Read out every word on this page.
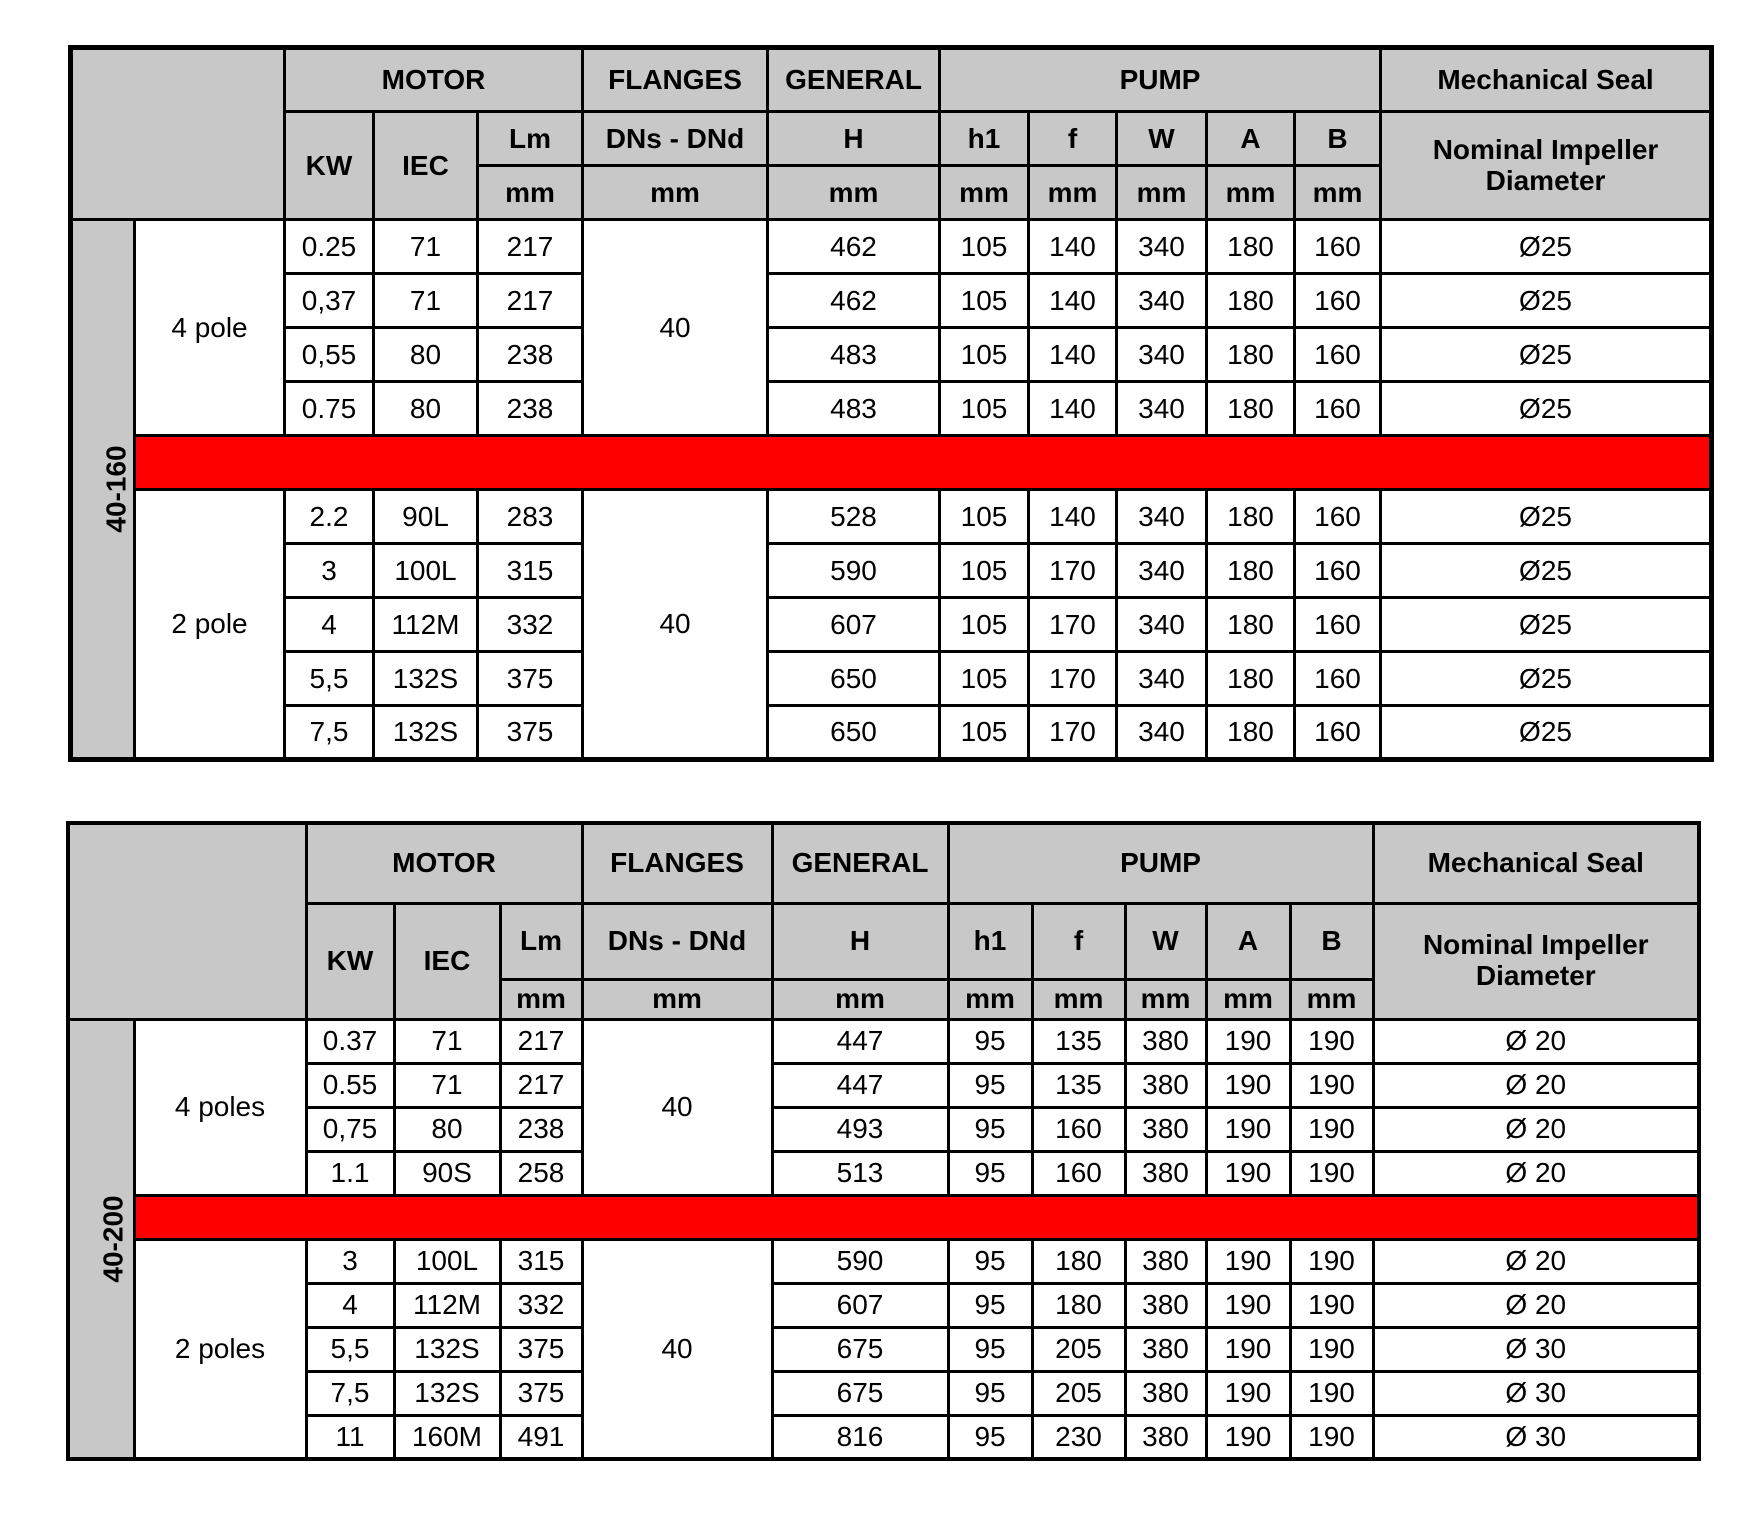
		MOTOR			FLANGES	GENERAL	PUMP					Mechanical Seal
		KW	IEC	Lm	DNs - DNd	H	h1	f	W	A	B	Nominal Impeller Diameter
				mm	mm	mm	mm	mm	mm	mm	mm	
40-160	4 pole	0.25	71	217	40	462	105	140	340	180	160	Ø25
		0,37	71	217		462	105	140	340	180	160	Ø25
		0,55	80	238		483	105	140	340	180	160	Ø25
		0.75	80	238		483	105	140	340	180	160	Ø25

	2 pole	2.2	90L	283	40	528	105	140	340	180	160	Ø25
		3	100L	315		590	105	170	340	180	160	Ø25
		4	112M	332		607	105	170	340	180	160	Ø25
		5,5	132S	375		650	105	170	340	180	160	Ø25
		7,5	132S	375		650	105	170	340	180	160	Ø25
		MOTOR			FLANGES	GENERAL	PUMP					Mechanical Seal
		KW	IEC	Lm	DNs - DNd	H	h1	f	W	A	B	Nominal Impeller Diameter
				mm	mm	mm	mm	mm	mm	mm	mm	
40-200	4 poles	0.37	71	217	40	447	95	135	380	190	190	Ø 20
		0.55	71	217		447	95	135	380	190	190	Ø 20
		0,75	80	238		493	95	160	380	190	190	Ø 20
		1.1	90S	258		513	95	160	380	190	190	Ø 20

	2 poles	3	100L	315	40	590	95	180	380	190	190	Ø 20
		4	112M	332		607	95	180	380	190	190	Ø 20
		5,5	132S	375		675	95	205	380	190	190	Ø 30
		7,5	132S	375		675	95	205	380	190	190	Ø 30
		11	160M	491		816	95	230	380	190	190	Ø 30
